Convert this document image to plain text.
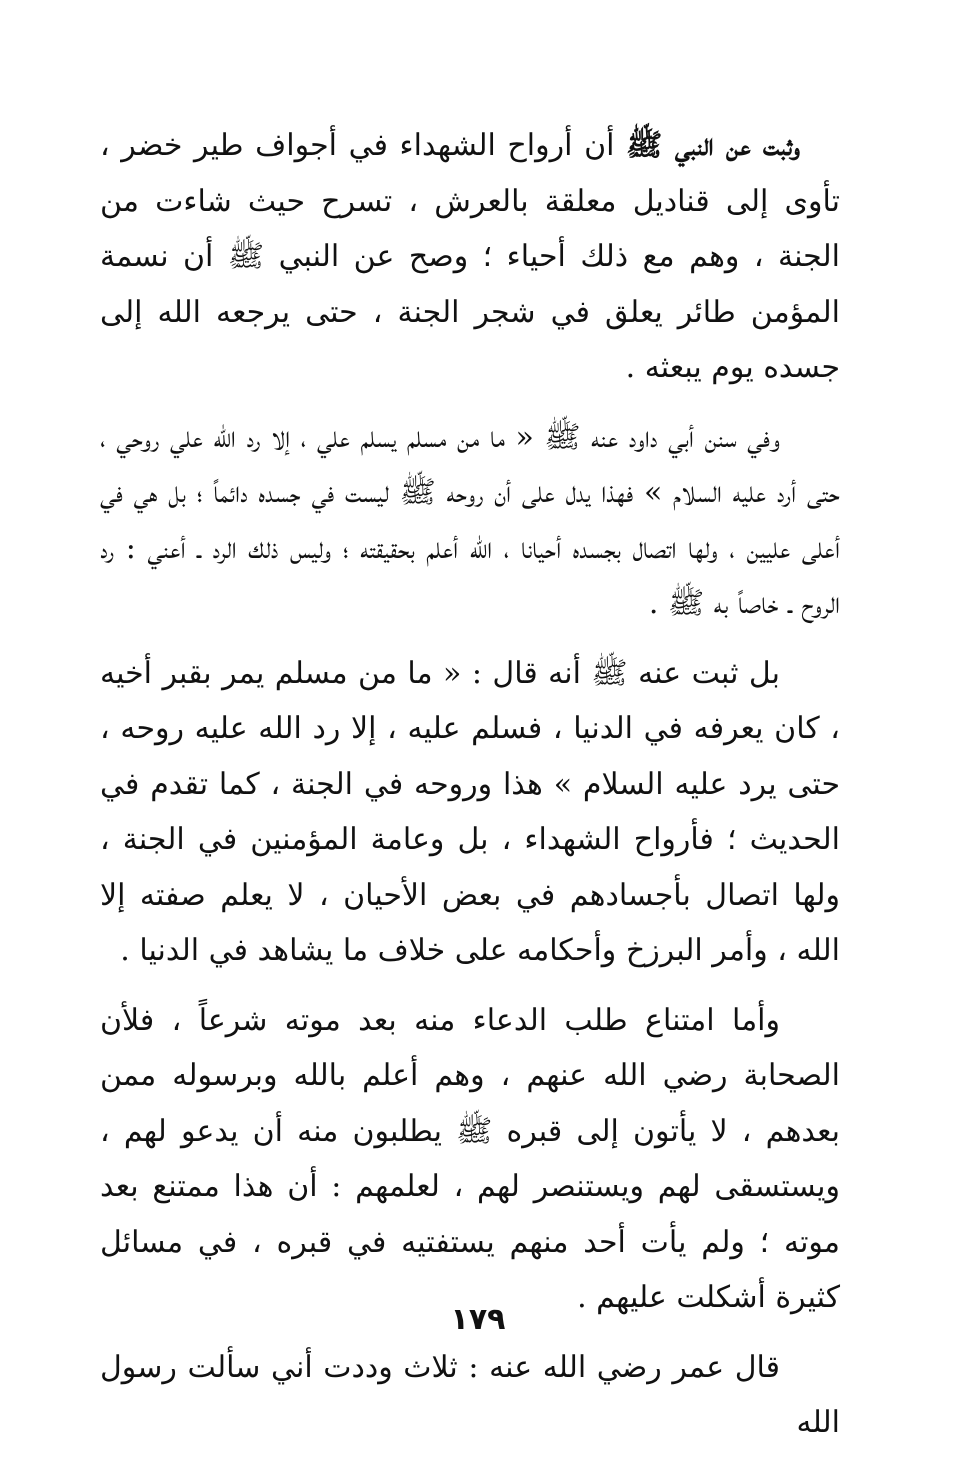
وثبت عن النبي ﷺ أن أرواح الشهداء في أجواف طير خضر ، تأوى إلى قناديل معلقة بالعرش ، تسرح حيث شاءت من الجنة ، وهم مع ذلك أحياء ؛ وصح عن النبي ﷺ أن نسمة المؤمن طائر يعلق في شجر الجنة ، حتى يرجعه الله إلى جسده يوم يبعثه .

وفي سنن أبي داود عنه ﷺ « ما من مسلم يسلم علي ، إلا رد الله علي روحي ، حتى أرد عليه السلام » فهذا يدل على أن روحه ﷺ ليست في جسده دائماً ؛ بل هي في أعلى عليين ، ولها اتصال بجسده أحيانا ، الله أعلم بحقيقته ؛ وليس ذلك الرد ـ أعني : رد الروح ـ خاصاً به ﷺ .

بل ثبت عنه ﷺ أنه قال : « ما من مسلم يمر بقبر أخيه ، كان يعرفه في الدنيا ، فسلم عليه ، إلا رد الله عليه روحه ، حتى يرد عليه السلام » هذا وروحه في الجنة ، كما تقدم في الحديث ؛ فأرواح الشهداء ، بل وعامة المؤمنين في الجنة ، ولها اتصال بأجسادهم في بعض الأحيان ، لا يعلم صفته إلا الله ، وأمر البرزخ وأحكامه على خلاف ما يشاهد في الدنيا .

وأما امتناع طلب الدعاء منه بعد موته شرعاً ، فلأن الصحابة رضي الله عنهم ، وهم أعلم بالله وبرسوله ممن بعدهم ، لا يأتون إلى قبره ﷺ يطلبون منه أن يدعو لهم ، ويستسقى لهم ويستنصر لهم ، لعلمهم : أن هذا ممتنع بعد موته ؛ ولم يأت أحد منهم يستفتيه في قبره ، في مسائل كثيرة أشكلت عليهم .

قال عمر رضي الله عنه : ثلاث وددت أني سألت رسول الله

١٧٩
